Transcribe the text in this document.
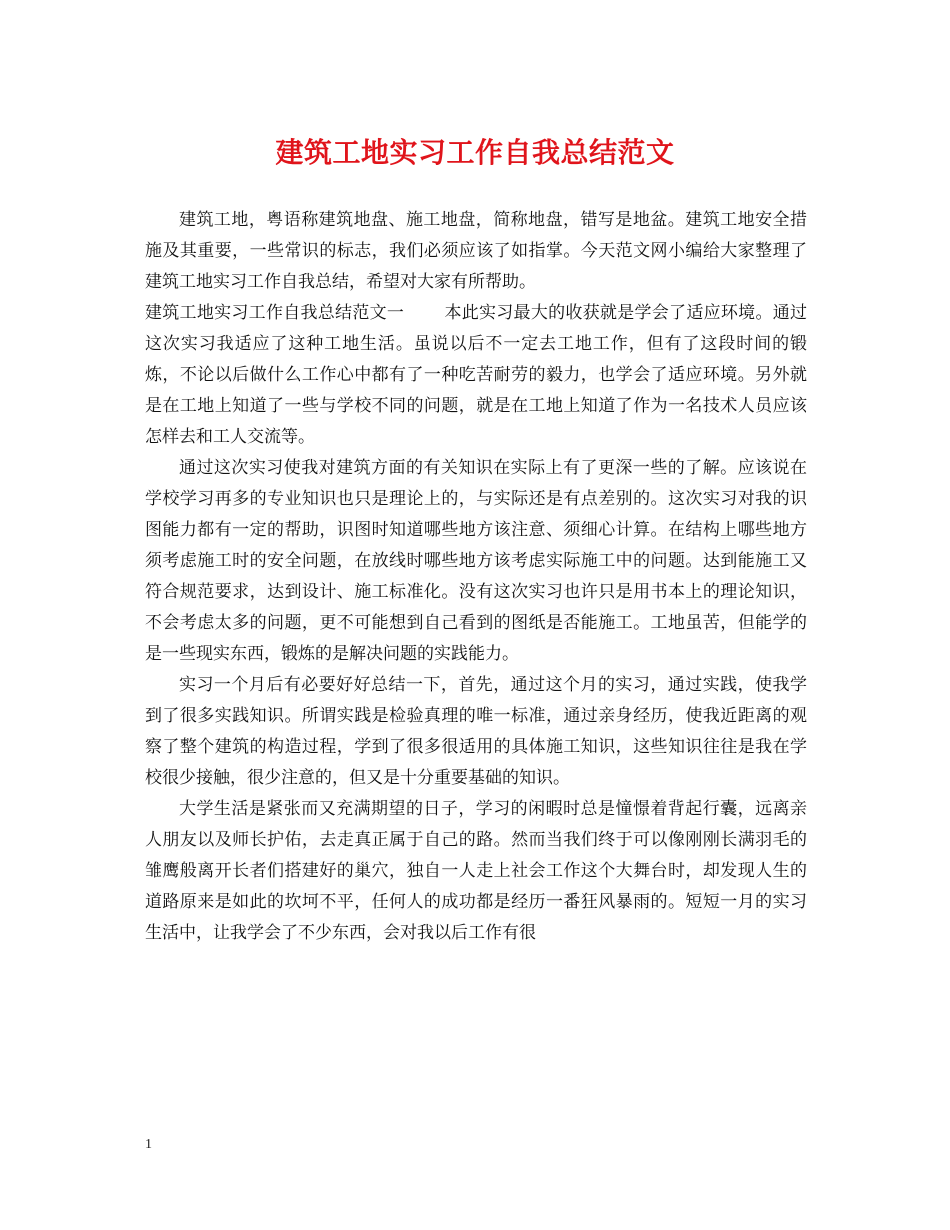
建筑工地实习工作自我总结范文

建筑工地，粤语称建筑地盘、施工地盘，简称地盘，错写是地盆。建筑工地安全措施及其重要，一些常识的标志，我们必须应该了如指掌。今天范文网小编给大家整理了建筑工地实习工作自我总结，希望对大家有所帮助。

建筑工地实习工作自我总结范文一 本此实习最大的收获就是学会了适应环境。通过这次实习我适应了这种工地生活。虽说以后不一定去工地工作，但有了这段时间的锻炼，不论以后做什么工作心中都有了一种吃苦耐劳的毅力，也学会了适应环境。另外就是在工地上知道了一些与学校不同的问题，就是在工地上知道了作为一名技术人员应该怎样去和工人交流等。

通过这次实习使我对建筑方面的有关知识在实际上有了更深一些的了解。应该说在学校学习再多的专业知识也只是理论上的，与实际还是有点差别的。这次实习对我的识图能力都有一定的帮助，识图时知道哪些地方该注意、须细心计算。在结构上哪些地方须考虑施工时的安全问题，在放线时哪些地方该考虑实际施工中的问题。达到能施工又符合规范要求，达到设计、施工标准化。没有这次实习也许只是用书本上的理论知识，不会考虑太多的问题，更不可能想到自己看到的图纸是否能施工。工地虽苦，但能学的是一些现实东西，锻炼的是解决问题的实践能力。

实习一个月后有必要好好总结一下，首先，通过这个月的实习，通过实践，使我学到了很多实践知识。所谓实践是检验真理的唯一标准，通过亲身经历，使我近距离的观察了整个建筑的构造过程，学到了很多很适用的具体施工知识，这些知识往往是我在学校很少接触，很少注意的，但又是十分重要基础的知识。

大学生活是紧张而又充满期望的日子，学习的闲暇时总是憧憬着背起行囊，远离亲人朋友以及师长护佑，去走真正属于自己的路。然而当我们终于可以像刚刚长满羽毛的雏鹰般离开长者们搭建好的巢穴，独自一人走上社会工作这个大舞台时，却发现人生的道路原来是如此的坎坷不平，任何人的成功都是经历一番狂风暴雨的。短短一月的实习生活中，让我学会了不少东西，会对我以后工作有很

1
